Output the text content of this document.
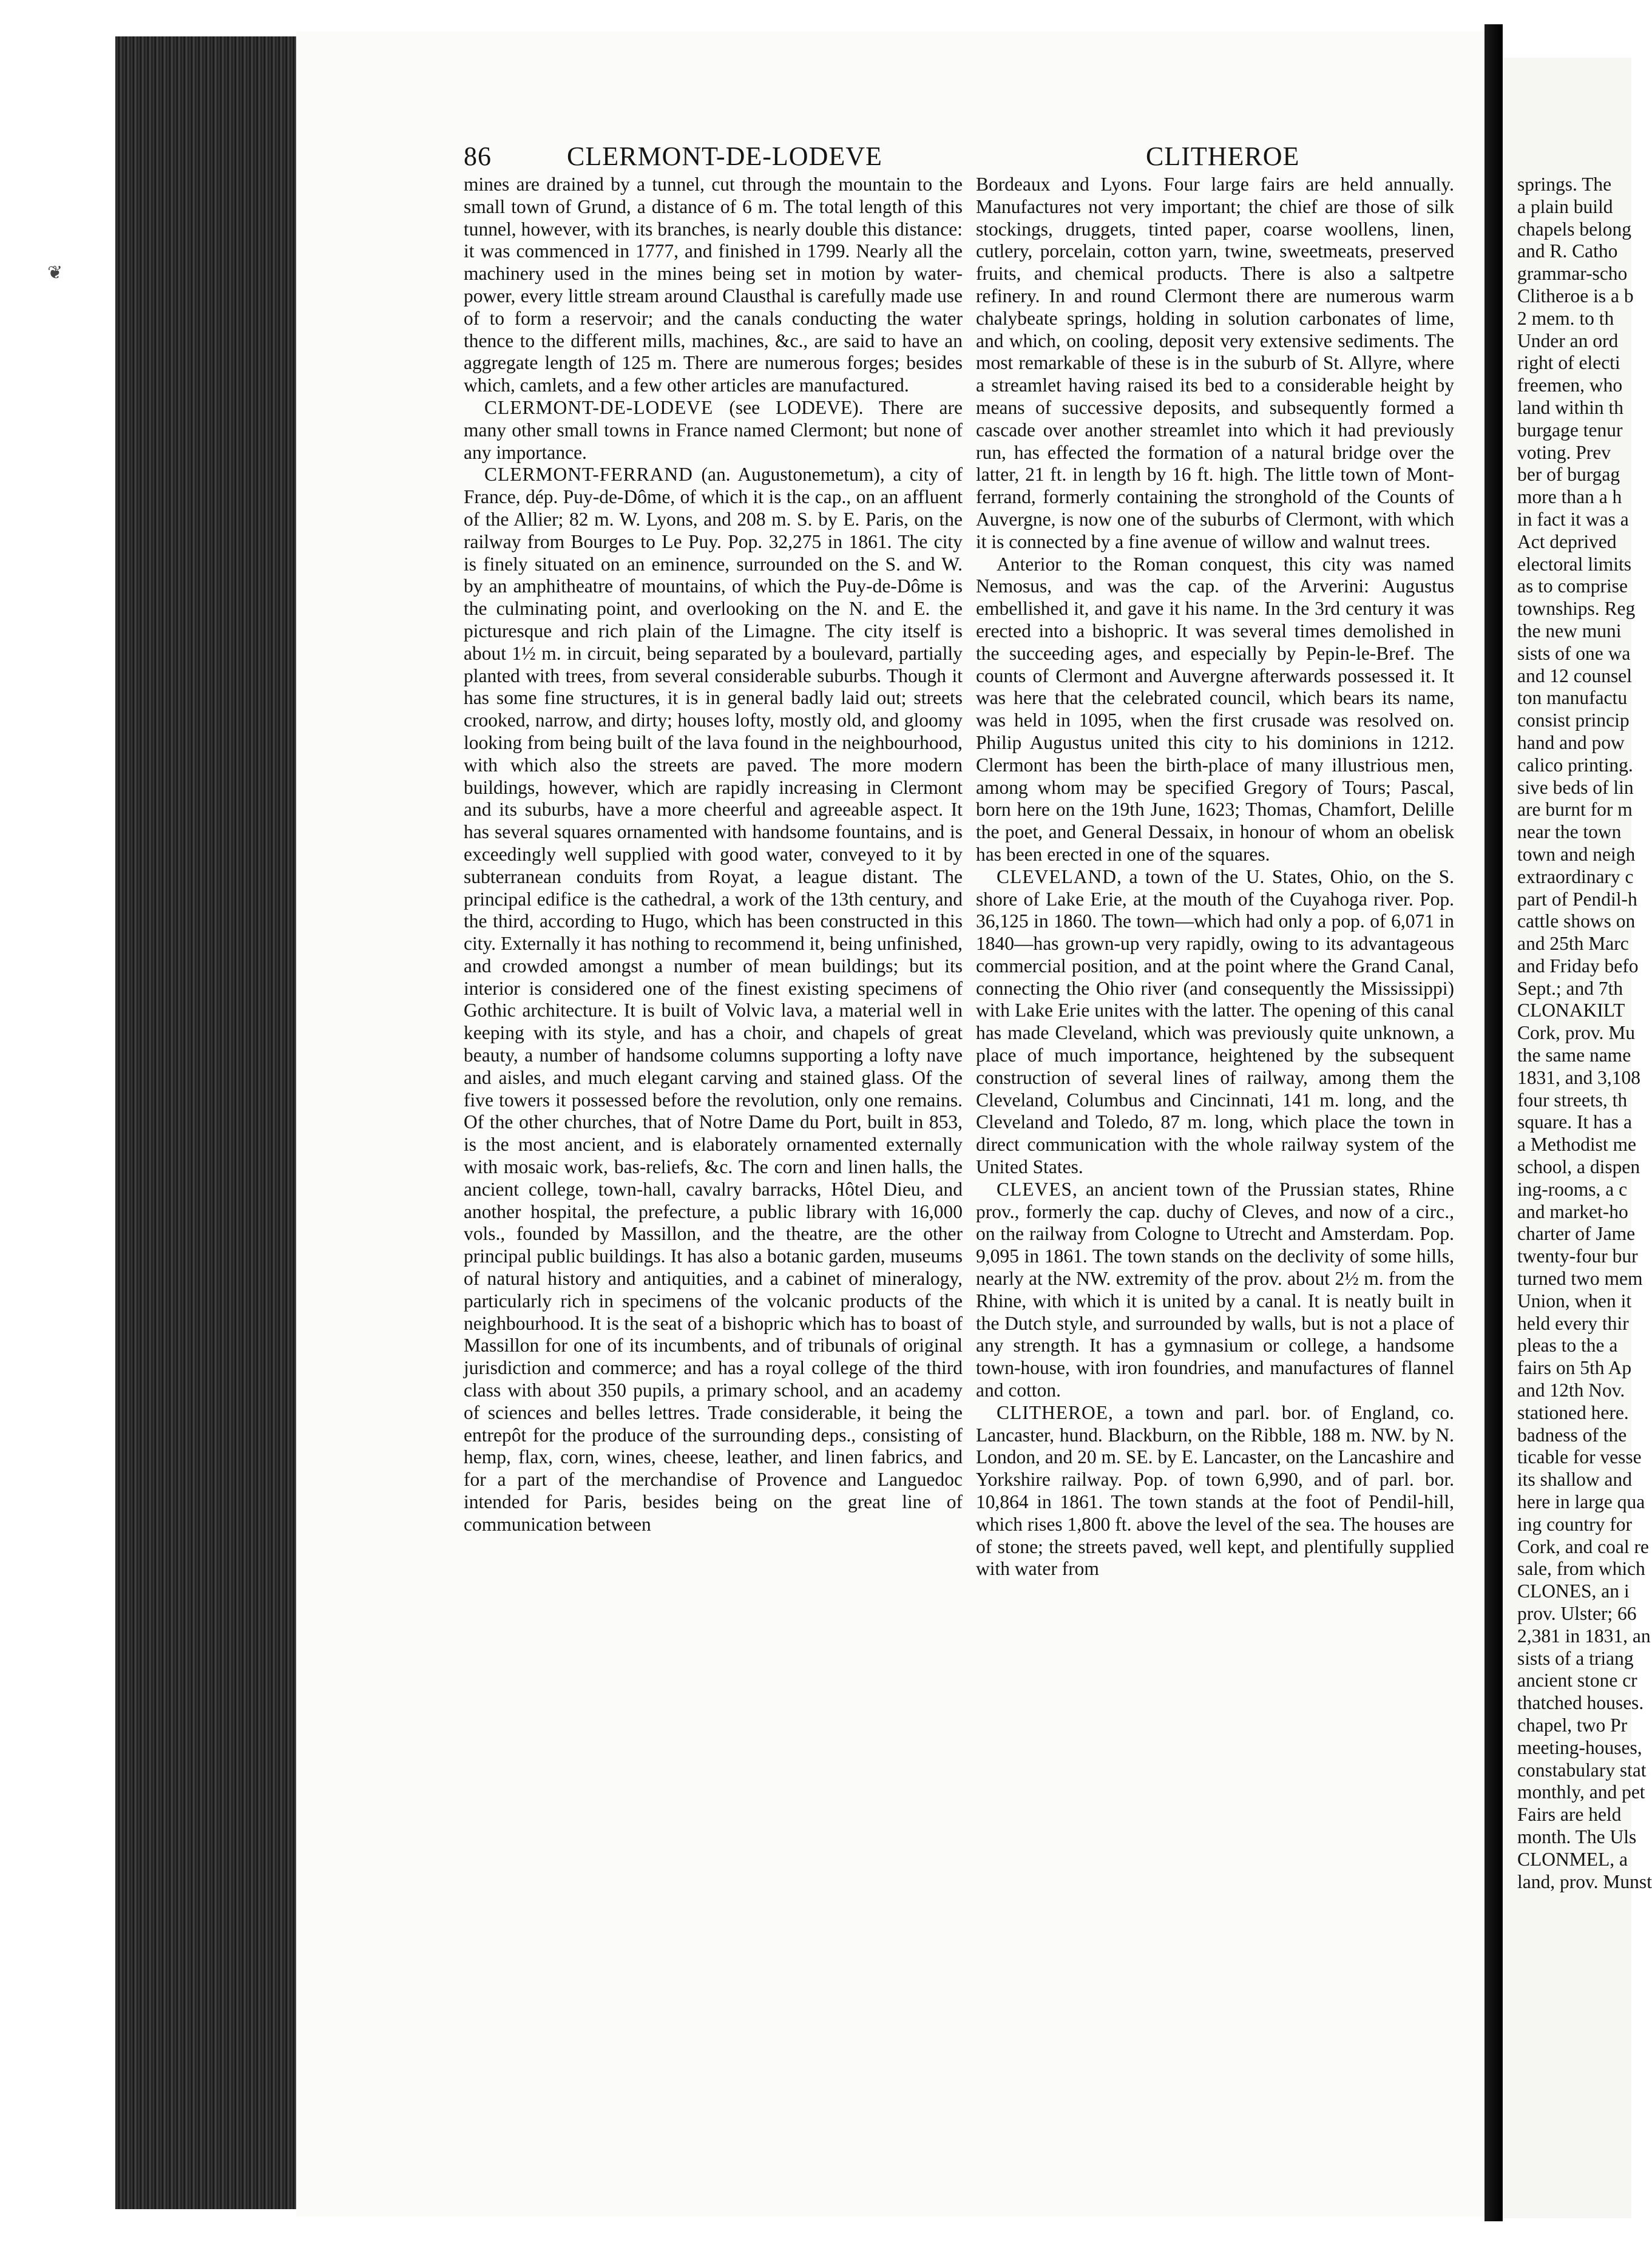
❦
86	CLERMONT-DE-LODEVE	CLITHEROE

mines are drained by a tunnel, cut through the mountain to the small town of Grund, a distance of 6 m. The total length of this tunnel, however, with its branches, is nearly double this distance: it was commenced in 1777, and finished in 1799. Nearly all the machinery used in the mines being set in motion by water-power, every little stream around Clausthal is carefully made use of to form a reservoir; and the canals conducting the water thence to the different mills, machines, &c., are said to have an aggregate length of 125 m. There are numerous forges; besides which, camlets, and a few other articles are manufactured.

CLERMONT-DE-LODEVE (see LODEVE). There are many other small towns in France named Clermont; but none of any importance.

CLERMONT-FERRAND (an. Augustonemetum), a city of France, dép. Puy-de-Dôme, of which it is the cap., on an affluent of the Allier; 82 m. W. Lyons, and 208 m. S. by E. Paris, on the railway from Bourges to Le Puy. Pop. 32,275 in 1861. The city is finely situated on an eminence, surrounded on the S. and W. by an amphitheatre of mountains, of which the Puy-de-Dôme is the culminating point, and overlooking on the N. and E. the picturesque and rich plain of the Limagne. The city itself is about 1½ m. in circuit, being separated by a boulevard, partially planted with trees, from several considerable suburbs. Though it has some fine structures, it is in general badly laid out; streets crooked, narrow, and dirty; houses lofty, mostly old, and gloomy looking from being built of the lava found in the neighbourhood, with which also the streets are paved. The more modern buildings, however, which are rapidly increasing in Clermont and its suburbs, have a more cheerful and agreeable aspect. It has several squares ornamented with handsome fountains, and is exceedingly well supplied with good water, conveyed to it by subterranean conduits from Royat, a league distant. The principal edifice is the cathedral, a work of the 13th century, and the third, according to Hugo, which has been constructed in this city. Externally it has nothing to recommend it, being unfinished, and crowded amongst a number of mean buildings; but its interior is considered one of the finest existing specimens of Gothic architecture. It is built of Volvic lava, a material well in keeping with its style, and has a choir, and chapels of great beauty, a number of handsome columns supporting a lofty nave and aisles, and much elegant carving and stained glass. Of the five towers it possessed before the revolution, only one remains. Of the other churches, that of Notre Dame du Port, built in 853, is the most ancient, and is elaborately ornamented externally with mosaic work, bas-reliefs, &c. The corn and linen halls, the ancient college, town-hall, cavalry barracks, Hôtel Dieu, and another hospital, the prefecture, a public library with 16,000 vols., founded by Massillon, and the theatre, are the other principal public buildings. It has also a botanic garden, museums of natural history and antiquities, and a cabinet of mineralogy, particularly rich in specimens of the volcanic products of the neighbourhood. It is the seat of a bishopric which has to boast of Massillon for one of its incumbents, and of tribunals of original jurisdiction and commerce; and has a royal college of the third class with about 350 pupils, a primary school, and an academy of sciences and belles lettres. Trade considerable, it being the entrepôt for the produce of the surrounding deps., consisting of hemp, flax, corn, wines, cheese, leather, and linen fabrics, and for a part of the merchandise of Provence and Languedoc intended for Paris, besides being on the great line of communication between

Bordeaux and Lyons. Four large fairs are held annually. Manufactures not very important; the chief are those of silk stockings, druggets, tinted paper, coarse woollens, linen, cutlery, porcelain, cotton yarn, twine, sweetmeats, preserved fruits, and chemical products. There is also a saltpetre refinery. In and round Clermont there are numerous warm chalybeate springs, holding in solution carbonates of lime, and which, on cooling, deposit very extensive sediments. The most remarkable of these is in the suburb of St. Allyre, where a streamlet having raised its bed to a considerable height by means of successive deposits, and subsequently formed a cascade over another streamlet into which it had previously run, has effected the formation of a natural bridge over the latter, 21 ft. in length by 16 ft. high. The little town of Mont-ferrand, formerly containing the stronghold of the Counts of Auvergne, is now one of the suburbs of Clermont, with which it is connected by a fine avenue of willow and walnut trees.

Anterior to the Roman conquest, this city was named Nemosus, and was the cap. of the Arverini: Augustus embellished it, and gave it his name. In the 3rd century it was erected into a bishopric. It was several times demolished in the succeeding ages, and especially by Pepin-le-Bref. The counts of Clermont and Auvergne afterwards possessed it. It was here that the celebrated council, which bears its name, was held in 1095, when the first crusade was resolved on. Philip Augustus united this city to his dominions in 1212. Clermont has been the birth-place of many illustrious men, among whom may be specified Gregory of Tours; Pascal, born here on the 19th June, 1623; Thomas, Chamfort, Delille the poet, and General Dessaix, in honour of whom an obelisk has been erected in one of the squares.

CLEVELAND, a town of the U. States, Ohio, on the S. shore of Lake Erie, at the mouth of the Cuyahoga river. Pop. 36,125 in 1860. The town—which had only a pop. of 6,071 in 1840—has grown-up very rapidly, owing to its advantageous commercial position, and at the point where the Grand Canal, connecting the Ohio river (and consequently the Mississippi) with Lake Erie unites with the latter. The opening of this canal has made Cleveland, which was previously quite unknown, a place of much importance, heightened by the subsequent construction of several lines of railway, among them the Cleveland, Columbus and Cincinnati, 141 m. long, and the Cleveland and Toledo, 87 m. long, which place the town in direct communication with the whole railway system of the United States.

CLEVES, an ancient town of the Prussian states, Rhine prov., formerly the cap. duchy of Cleves, and now of a circ., on the railway from Cologne to Utrecht and Amsterdam. Pop. 9,095 in 1861. The town stands on the declivity of some hills, nearly at the NW. extremity of the prov. about 2½ m. from the Rhine, with which it is united by a canal. It is neatly built in the Dutch style, and surrounded by walls, but is not a place of any strength. It has a gymnasium or college, a handsome town-house, with iron foundries, and manufactures of flannel and cotton.

CLITHEROE, a town and parl. bor. of England, co. Lancaster, hund. Blackburn, on the Ribble, 188 m. NW. by N. London, and 20 m. SE. by E. Lancaster, on the Lancashire and Yorkshire railway. Pop. of town 6,990, and of parl. bor. 10,864 in 1861. The town stands at the foot of Pendil-hill, which rises 1,800 ft. above the level of the sea. The houses are of stone; the streets paved, well kept, and plentifully supplied with water from

springs. The
a plain build
chapels belong
and R. Catho
grammar-scho
Clitheroe is a b
2 mem. to th
Under an ord
right of electi
freemen, who
land within th
burgage tenur
voting. Prev
ber of burgag
more than a h
in fact it was a
Act deprived
electoral limits
as to comprise
townships. Reg
the new muni
sists of one wa
and 12 counsel
ton manufactu
consist princip
hand and pow
calico printing.
sive beds of lin
are burnt for m
near the town
town and neigh
extraordinary c
part of Pendil-h
cattle shows on
and 25th Marc
and Friday befo
Sept.; and 7th
CLONAKILT
Cork, prov. Mu
the same name
1831, and 3,108
four streets, th
square. It has a
a Methodist me
school, a dispen
ing-rooms, a c
and market-ho
charter of Jame
twenty-four bur
turned two mem
Union, when it
held every thir
pleas to the a
fairs on 5th Ap
and 12th Nov.
stationed here.
badness of the
ticable for vesse
its shallow and
here in large qua
ing country for
Cork, and coal re
sale, from which
CLONES, an i
prov. Ulster; 66
2,381 in 1831, an
sists of a triang
ancient stone cr
thatched houses.
chapel, two Pr
meeting-houses,
constabulary stat
monthly, and pet
Fairs are held
month. The Uls
CLONMEL, a
land, prov. Munst
